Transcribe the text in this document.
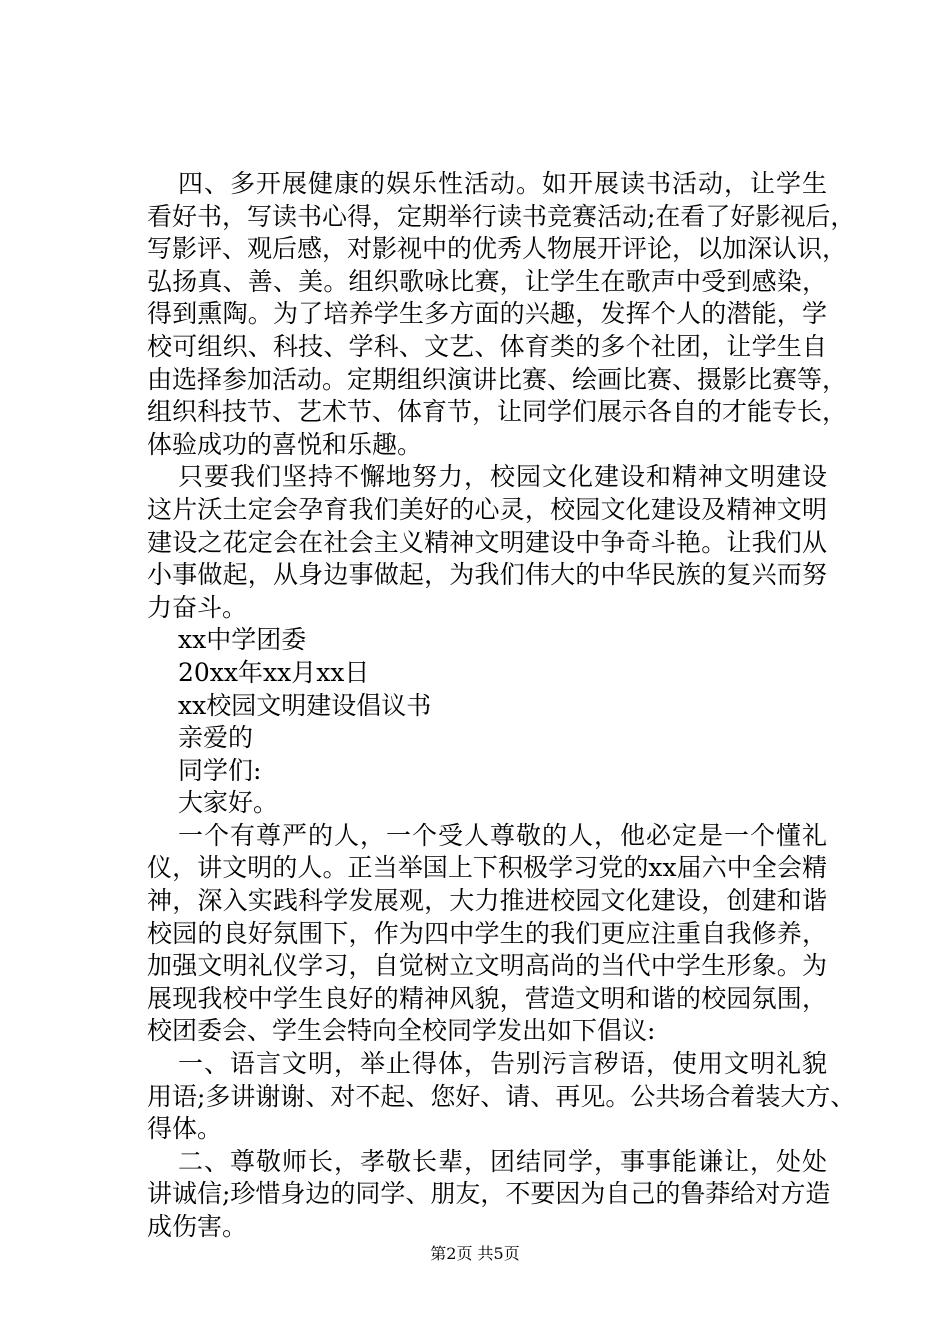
四、多开展健康的娱乐性活动。如开展读书活动，让学生
看好书，写读书心得，定期举行读书竞赛活动;在看了好影视后，
写影评、观后感，对影视中的优秀人物展开评论，以加深认识，
弘扬真、善、美。组织歌咏比赛，让学生在歌声中受到感染，
得到熏陶。为了培养学生多方面的兴趣，发挥个人的潜能，学
校可组织、科技、学科、文艺、体育类的多个社团，让学生自
由选择参加活动。定期组织演讲比赛、绘画比赛、摄影比赛等，
组织科技节、艺术节、体育节，让同学们展示各自的才能专长，
体验成功的喜悦和乐趣。
只要我们坚持不懈地努力，校园文化建设和精神文明建设
这片沃土定会孕育我们美好的心灵，校园文化建设及精神文明
建设之花定会在社会主义精神文明建设中争奇斗艳。让我们从
小事做起，从身边事做起，为我们伟大的中华民族的复兴而努
力奋斗。
xx中学团委
20xx年xx月xx日
xx校园文明建设倡议书
亲爱的
同学们:
大家好。
一个有尊严的人，一个受人尊敬的人，他必定是一个懂礼
仪，讲文明的人。正当举国上下积极学习党的xx届六中全会精
神，深入实践科学发展观，大力推进校园文化建设，创建和谐
校园的良好氛围下，作为四中学生的我们更应注重自我修养，
加强文明礼仪学习，自觉树立文明高尚的当代中学生形象。为
展现我校中学生良好的精神风貌，营造文明和谐的校园氛围，
校团委会、学生会特向全校同学发出如下倡议:
一、语言文明，举止得体，告别污言秽语，使用文明礼貌
用语;多讲谢谢、对不起、您好、请、再见。公共场合着装大方、
得体。
二、尊敬师长，孝敬长辈，团结同学，事事能谦让，处处
讲诚信;珍惜身边的同学、朋友，不要因为自己的鲁莽给对方造
成伤害。
第2页 共5页
